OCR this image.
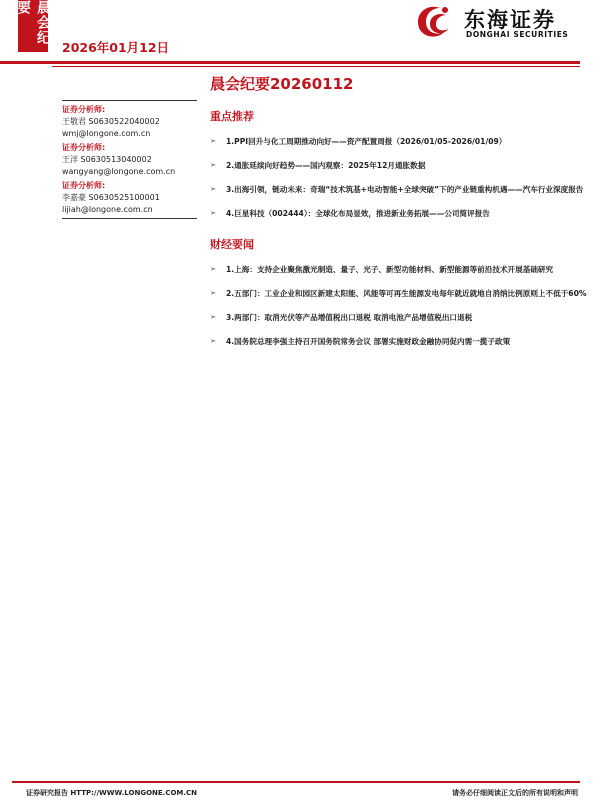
晨会纪要
2026年01月12日
东海证券
DONGHAI SECURITIES
晨会纪要20260112
证券分析师:
王敬君 S0630522040002
wmj@longone.com.cn
证券分析师:
王洋 S0630513040002
wangyang@longone.com.cn
证券分析师:
李嘉豪 S0630525100001
lijiah@longone.com.cn
重点推荐
➢ 1.PPI回升与化工周期推动向好——资产配置周报（2026/01/05-2026/01/09）
➢ 2.通胀延续向好趋势——国内观察：2025年12月通胀数据
➢ 3.出海引领，链动未来：奇瑞“技术筑基+电动智能+全球突破”下的产业链重构机遇——汽车行业深度报告
➢ 4.巨星科技（002444）：全球化布局显效，推进新业务拓展——公司简评报告
财经要闻
➢ 1.上海：支持企业聚焦激光制造、量子、光子、新型功能材料、新型能源等前沿技术开展基础研究
➢ 2.五部门：工业企业和园区新建太阳能、风能等可再生能源发电每年就近就地自消纳比例原则上不低于60%
➢ 3.两部门：取消光伏等产品增值税出口退税 取消电池产品增值税出口退税
➢ 4.国务院总理李强主持召开国务院常务会议 部署实施财政金融协同促内需一揽子政策
证券研究报告 HTTP://WWW.LONGONE.COM.CN	请务必仔细阅读正文后的所有说明和声明
